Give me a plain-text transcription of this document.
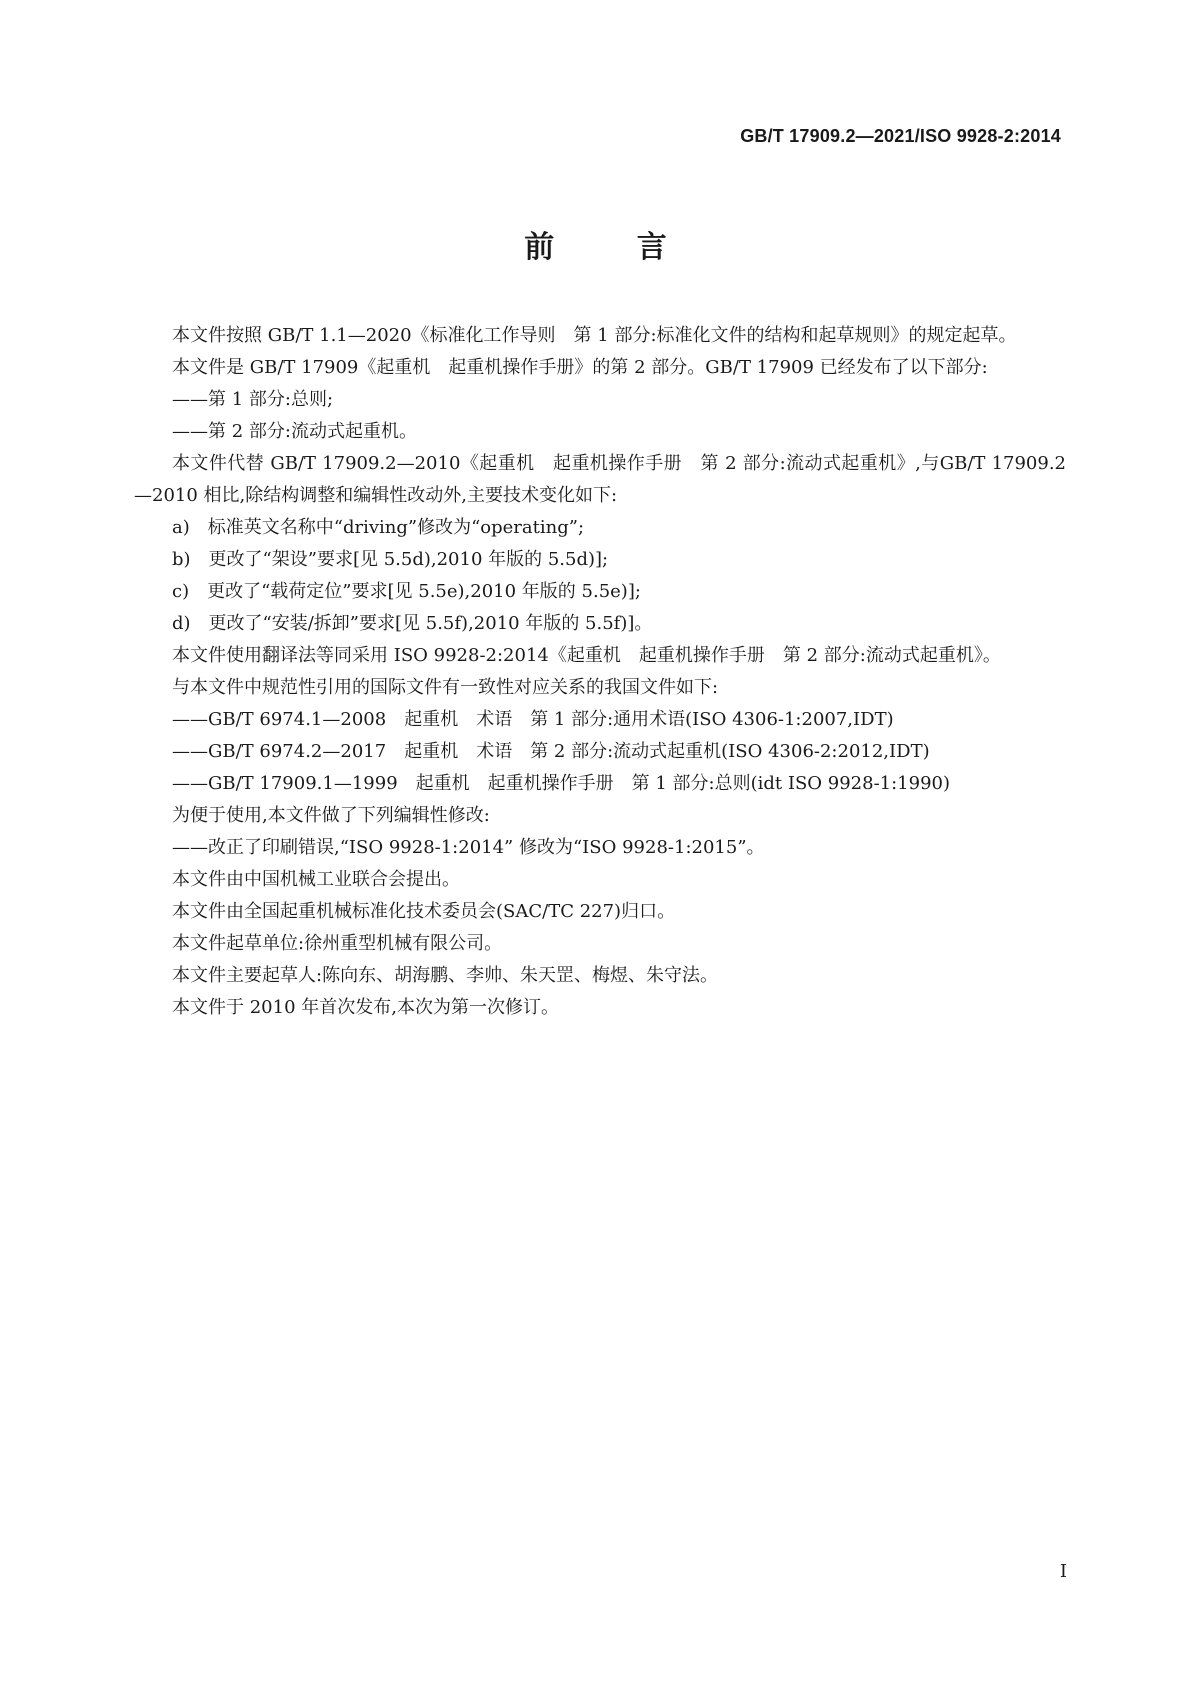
GB/T 17909.2—2021/ISO 9928-2:2014
前 言

本文件按照 GB/T 1.1—2020《标准化工作导则　第 1 部分:标准化文件的结构和起草规则》的规定起草。

本文件是 GB/T 17909《起重机　起重机操作手册》的第 2 部分。GB/T 17909 已经发布了以下部分:

——第 1 部分:总则;

——第 2 部分:流动式起重机。

本文件代替 GB/T 17909.2—2010《起重机　起重机操作手册　第 2 部分:流动式起重机》,与GB/T 17909.2—2010 相比,除结构调整和编辑性改动外,主要技术变化如下:

a)　标准英文名称中“driving”修改为“operating”;

b)　更改了“架设”要求[见 5.5d),2010 年版的 5.5d)];

c)　更改了“载荷定位”要求[见 5.5e),2010 年版的 5.5e)];

d)　更改了“安装/拆卸”要求[见 5.5f),2010 年版的 5.5f)]。

本文件使用翻译法等同采用 ISO 9928-2:2014《起重机　起重机操作手册　第 2 部分:流动式起重机》。

与本文件中规范性引用的国际文件有一致性对应关系的我国文件如下:

——GB/T 6974.1—2008　起重机　术语　第 1 部分:通用术语(ISO 4306-1:2007,IDT)

——GB/T 6974.2—2017　起重机　术语　第 2 部分:流动式起重机(ISO 4306-2:2012,IDT)

——GB/T 17909.1—1999　起重机　起重机操作手册　第 1 部分:总则(idt ISO 9928-1:1990)

为便于使用,本文件做了下列编辑性修改:

——改正了印刷错误,“ISO 9928-1:2014” 修改为“ISO 9928-1:2015”。

本文件由中国机械工业联合会提出。

本文件由全国起重机械标准化技术委员会(SAC/TC 227)归口。

本文件起草单位:徐州重型机械有限公司。

本文件主要起草人:陈向东、胡海鹏、李帅、朱天罡、梅煜、朱守法。

本文件于 2010 年首次发布,本次为第一次修订。

I
